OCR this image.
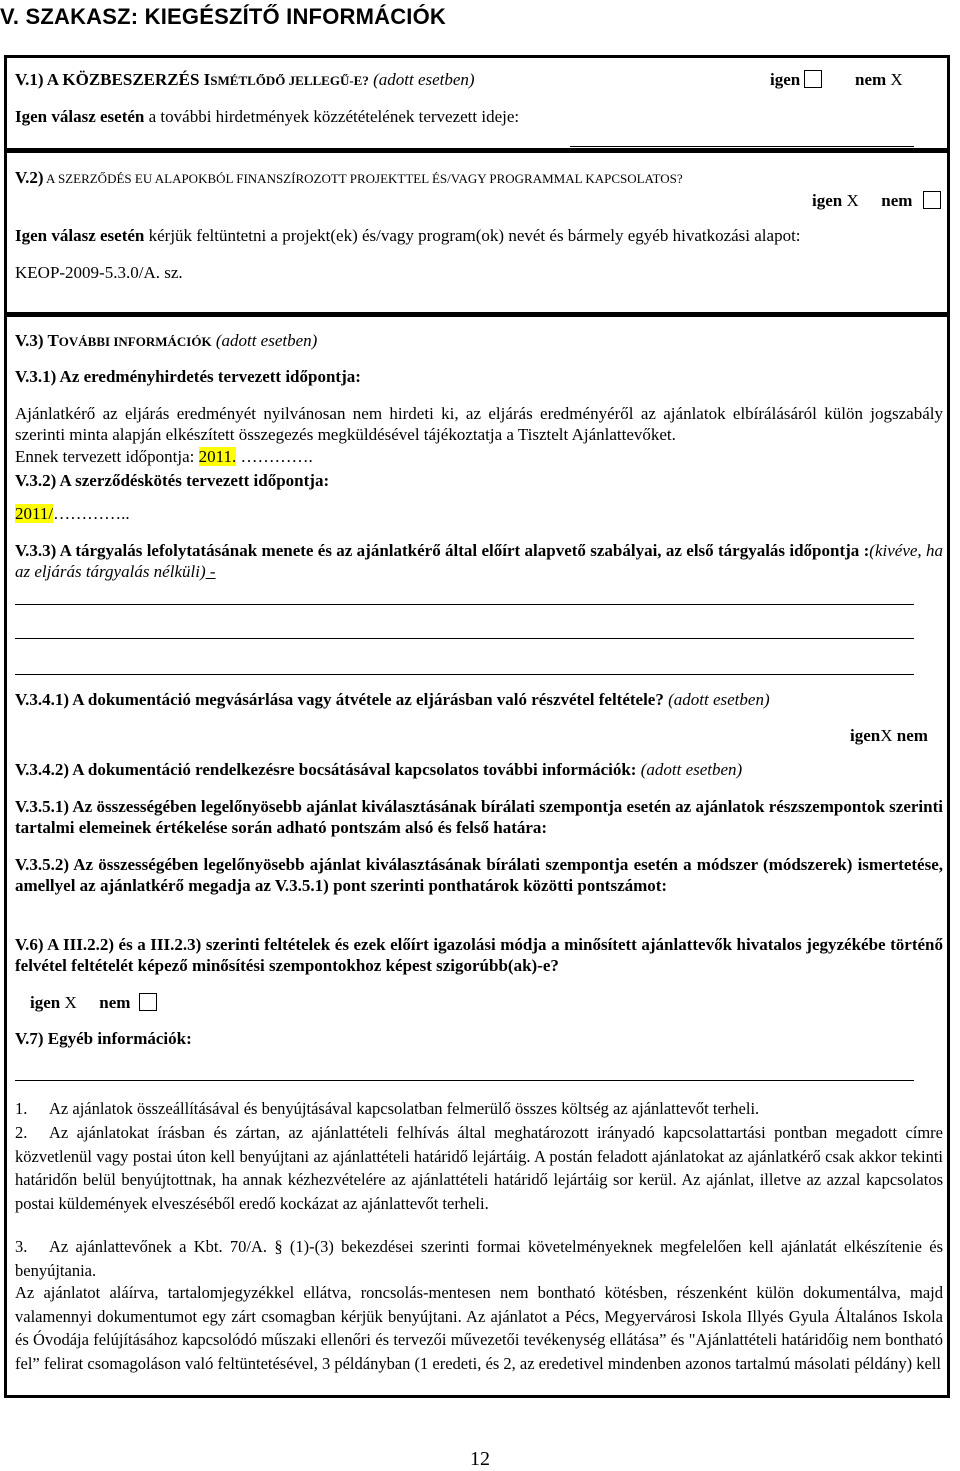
V. SZAKASZ: KIEGÉSZÍTŐ INFORMÁCIÓK
V.1) A KÖZBESZERZÉS ISMÉTLŐDŐ JELLEGŰ-E? (adott esetben)	igen	nem X
Igen válasz esetén a további hirdetmények közzétételének tervezett ideje:
V.2) A SZERZŐDÉS EU ALAPOKBÓL FINANSZÍROZOTT PROJEKTTEL ÉS/VAGY PROGRAMMAL KAPCSOLATOS?
igen X nem
Igen válasz esetén kérjük feltüntetni a projekt(ek) és/vagy program(ok) nevét és bármely egyéb hivatkozási alapot:
KEOP-2009-5.3.0/A. sz.
V.3) TOVÁBBI INFORMÁCIÓK (adott esetben)
V.3.1) Az eredményhirdetés tervezett időpontja:
Ajánlatkérő az eljárás eredményét nyilvánosan nem hirdeti ki, az eljárás eredményéről az ajánlatok elbírálásáról külön jogszabály szerinti minta alapján elkészített összegezés megküldésével tájékoztatja a Tisztelt Ajánlattevőket.
Ennek tervezett időpontja: 2011. ………….
V.3.2) A szerződéskötés tervezett időpontja:
2011/…………..
V.3.3) A tárgyalás lefolytatásának menete és az ajánlatkérő által előírt alapvető szabályai, az első tárgyalás időpontja :(kivéve, ha az eljárás tárgyalás nélküli) -
V.3.4.1) A dokumentáció megvásárlása vagy átvétele az eljárásban való részvétel feltétele? (adott esetben)
igenX nem
V.3.4.2) A dokumentáció rendelkezésre bocsátásával kapcsolatos további információk: (adott esetben)
V.3.5.1) Az összességében legelőnyösebb ajánlat kiválasztásának bírálati szempontja esetén az ajánlatok részszempontok szerinti tartalmi elemeinek értékelése során adható pontszám alsó és felső határa:
V.3.5.2) Az összességében legelőnyösebb ajánlat kiválasztásának bírálati szempontja esetén a módszer (módszerek) ismertetése, amellyel az ajánlatkérő megadja az V.3.5.1) pont szerinti ponthatárok közötti pontszámot:
V.6) A III.2.2) és a III.2.3) szerinti feltételek és ezek előírt igazolási módja a minősített ajánlattevők hivatalos jegyzékébe történő felvétel feltételét képező minősítési szempontokhoz képest szigorúbb(ak)-e?
igen X nem
V.7) Egyéb információk:
1. Az ajánlatok összeállításával és benyújtásával kapcsolatban felmerülő összes költség az ajánlattevőt terheli.
2. Az ajánlatokat írásban és zártan, az ajánlattételi felhívás által meghatározott irányadó kapcsolattartási pontban megadott címre közvetlenül vagy postai úton kell benyújtani az ajánlattételi határidő lejártáig. A postán feladott ajánlatokat az ajánlatkérő csak akkor tekinti határidőn belül benyújtottnak, ha annak kézhezvételére az ajánlattételi határidő lejártáig sor kerül. Az ajánlat, illetve az azzal kapcsolatos postai küldemények elveszéséből eredő kockázat az ajánlattevőt terheli.
3. Az ajánlattevőnek a Kbt. 70/A. § (1)-(3) bekezdései szerinti formai követelményeknek megfelelően kell ajánlatát elkészítenie és benyújtania.
Az ajánlatot aláírva, tartalomjegyzékkel ellátva, roncsolás-mentesen nem bontható kötésben, részenként külön dokumentálva, majd valamennyi dokumentumot egy zárt csomagban kérjük benyújtani. Az ajánlatot a Pécs, Megyervárosi Iskola Illyés Gyula Általános Iskola és Óvodája felújításához kapcsolódó műszaki ellenőri és tervezői művezetői tevékenység ellátása” és "Ajánlattételi határidőig nem bontható fel” felirat csomagoláson való feltüntetésével, 3 példányban (1 eredeti, és 2, az eredetivel mindenben azonos tartalmú másolati példány) kell
12
